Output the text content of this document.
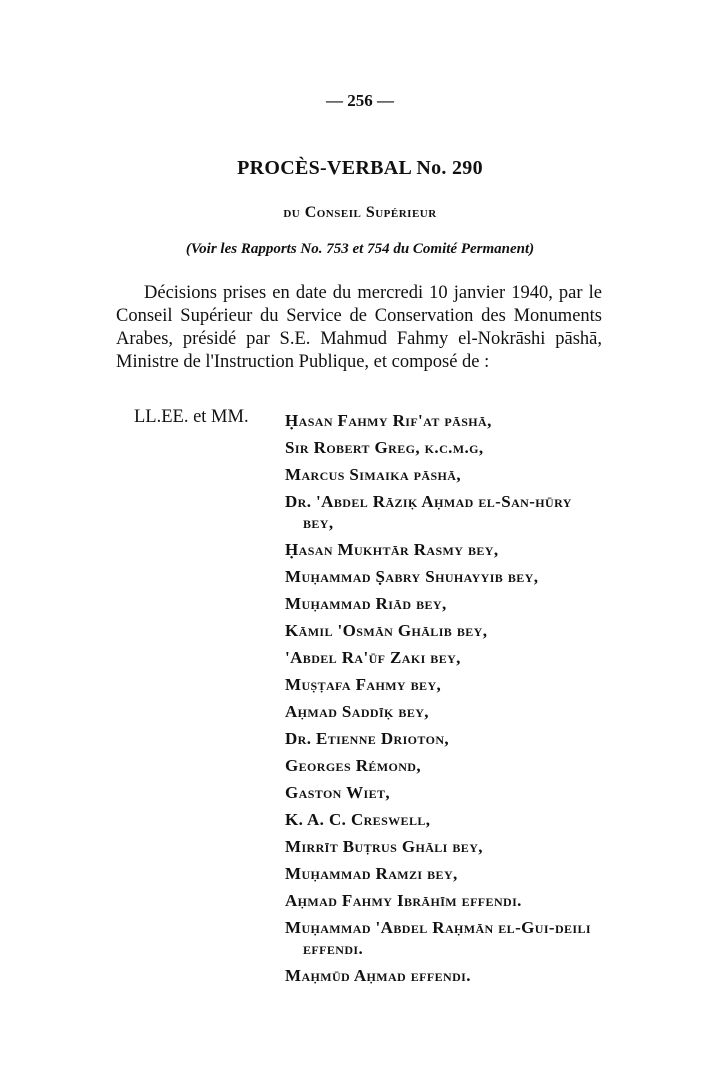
— 256 —
PROCÈS-VERBAL No. 290
du Conseil Supérieur
(Voir les Rapports No. 753 et 754 du Comité Permanent)

Décisions prises en date du mercredi 10 janvier 1940, par le Conseil Supérieur du Service de Conservation des Monuments Arabes, présidé par S.E. Mahmud Fahmy el-Nokrāshi pāshā, Ministre de l'Instruction Publique, et composé de :

LL.EE. et MM. Ḥasan Fahmy Rif'at pāshā,
Sir Robert Greg, k.c.m.g,
Marcus Simaika pāshā,
Dr. 'Abdel Rāziḳ Aḥmad el-San-hūry bey,
Ḥasan Mukhtār Rasmy bey,
Muḥammad Ṣabry Shuhayyib bey,
Muḥammad Riād bey,
Kāmil 'Osmān Ghālib bey,
'Abdel Ra'ūf Zaki bey,
Muṣṭafa Fahmy bey,
Aḥmad Saddīḳ bey,
Dr. Etienne Drioton,
Georges Rémond,
Gaston Wiet,
K. A. C. Creswell,
Mirrīt Buṭrus Ghāli bey,
Muḥammad Ramzi bey,
Aḥmad Fahmy Ibrāhīm effendi.
Muḥammad 'Abdel Raḥmān el-Gui-deili effendi.
Maḥmūd Aḥmad effendi.
